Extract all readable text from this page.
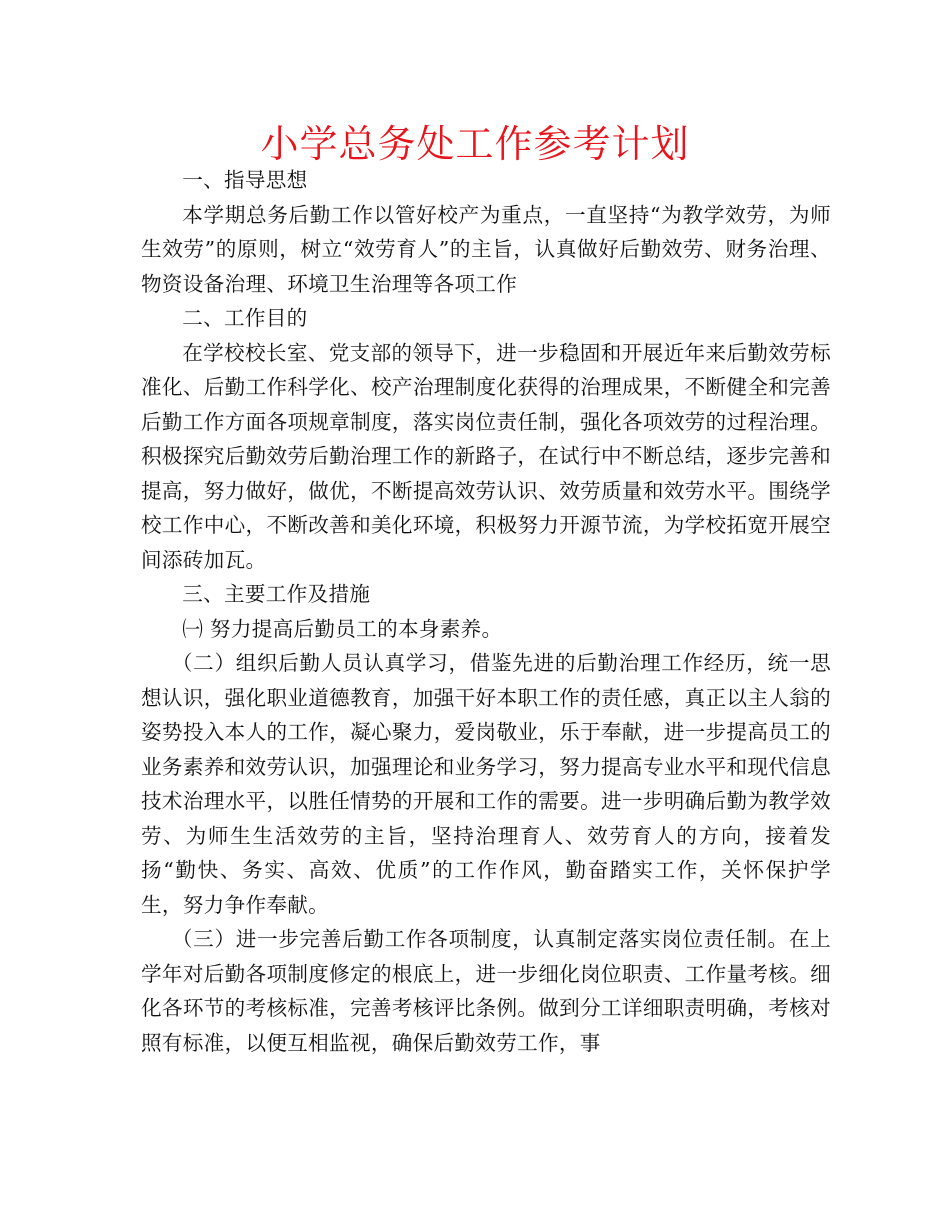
小学总务处工作参考计划

一、指导思想

本学期总务后勤工作以管好校产为重点，一直坚持“为教学效劳，为师生效劳”的原则，树立“效劳育人”的主旨，认真做好后勤效劳、财务治理、物资设备治理、环境卫生治理等各项工作

二、工作目的

在学校校长室、党支部的领导下，进一步稳固和开展近年来后勤效劳标准化、后勤工作科学化、校产治理制度化获得的治理成果，不断健全和完善后勤工作方面各项规章制度，落实岗位责任制，强化各项效劳的过程治理。积极探究后勤效劳后勤治理工作的新路子，在试行中不断总结，逐步完善和提高，努力做好，做优，不断提高效劳认识、效劳质量和效劳水平。围绕学校工作中心，不断改善和美化环境，积极努力开源节流，为学校拓宽开展空间添砖加瓦。

三、主要工作及措施

㈠ 努力提高后勤员工的本身素养。

（二）组织后勤人员认真学习，借鉴先进的后勤治理工作经历，统一思想认识，强化职业道德教育，加强干好本职工作的责任感，真正以主人翁的姿势投入本人的工作，凝心聚力，爱岗敬业，乐于奉献，进一步提高员工的业务素养和效劳认识，加强理论和业务学习，努力提高专业水平和现代信息技术治理水平，以胜任情势的开展和工作的需要。进一步明确后勤为教学效劳、为师生生活效劳的主旨，坚持治理育人、效劳育人的方向，接着发扬“勤快、务实、高效、优质”的工作作风，勤奋踏实工作，关怀保护学生，努力争作奉献。

（三）进一步完善后勤工作各项制度，认真制定落实岗位责任制。在上学年对后勤各项制度修定的根底上，进一步细化岗位职责、工作量考核。细化各环节的考核标准，完善考核评比条例。做到分工详细职责明确，考核对照有标准，以便互相监视，确保后勤效劳工作，事
